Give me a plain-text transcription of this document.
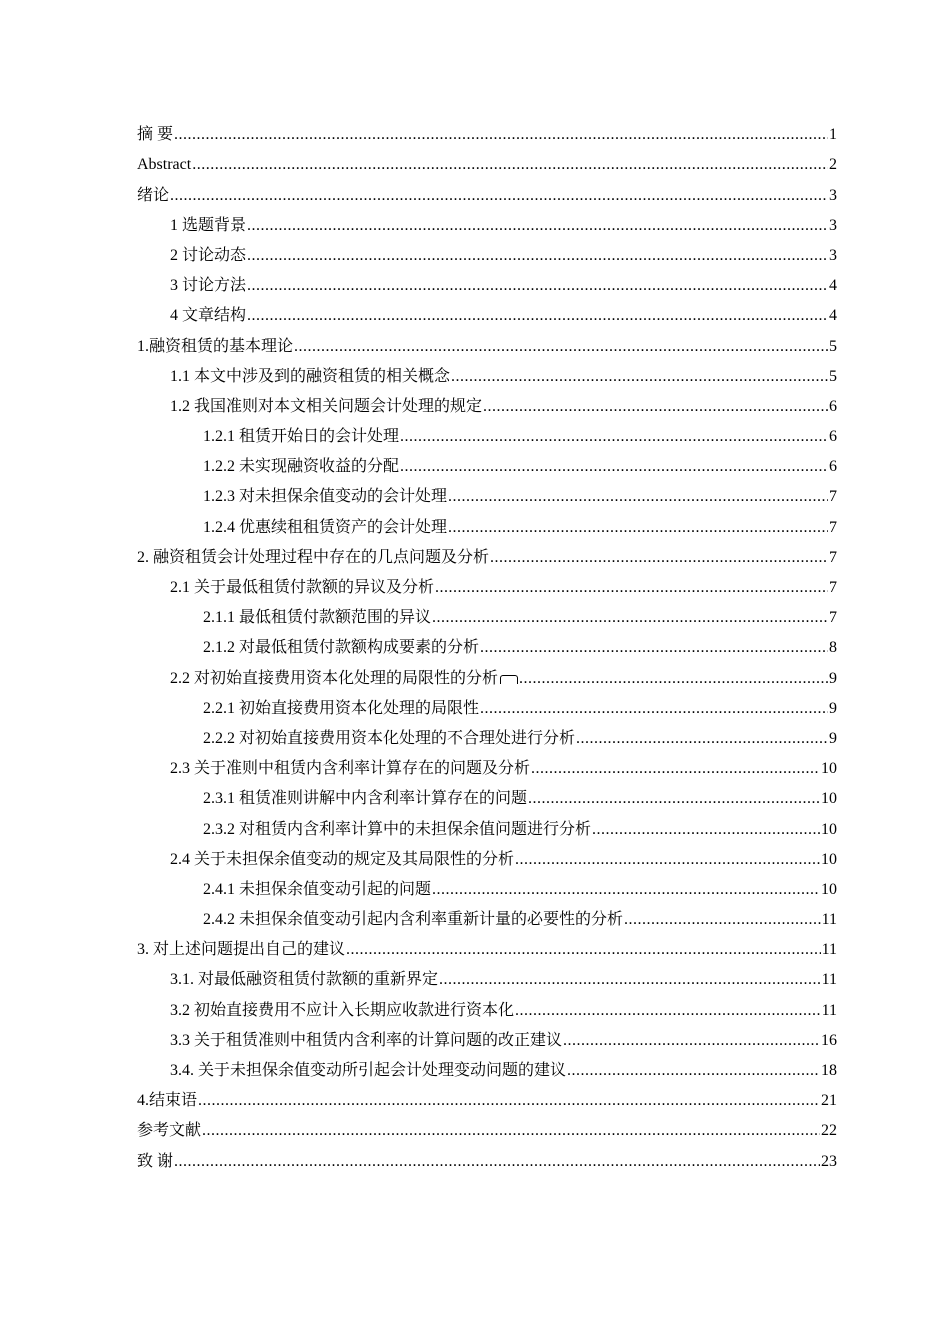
摘 要 .....	1
Abstract .....	2
绪论 .....	3
1 选题背景 .....	3
2 讨论动态 .....	3
3 讨论方法 .....	4
4 文章结构 .....	4
1.融资租赁的基本理论 .....	5
1.1 本文中涉及到的融资租赁的相关概念 .....	5
1.2 我国准则对本文相关问题会计处理的规定 .....	6
1.2.1 租赁开始日的会计处理 .....	6
1.2.2 未实现融资收益的分配 .....	6
1.2.3 对未担保余值变动的会计处理 .....	7
1.2.4 优惠续租租赁资产的会计处理 .....	7
2. 融资租赁会计处理过程中存在的几点问题及分析 .....	7
2.1 关于最低租赁付款额的异议及分析 .....	7
2.1.1 最低租赁付款额范围的异议 .....	7
2.1.2 对最低租赁付款额构成要素的分析 .....	8
2.2 对初始直接费用资本化处理的局限性的分析 .....	9
2.2.1 初始直接费用资本化处理的局限性 .....	9
2.2.2 对初始直接费用资本化处理的不合理处进行分析 .....	9
2.3 关于准则中租赁内含利率计算存在的问题及分析 .....	10
2.3.1 租赁准则讲解中内含利率计算存在的问题 .....	10
2.3.2 对租赁内含利率计算中的未担保余值问题进行分析 .....	10
2.4 关于未担保余值变动的规定及其局限性的分析 .....	10
2.4.1 未担保余值变动引起的问题 .....	10
2.4.2 未担保余值变动引起内含利率重新计量的必要性的分析 .....	11
3. 对上述问题提出自己的建议 .....	11
3.1. 对最低融资租赁付款额的重新界定 .....	11
3.2 初始直接费用不应计入长期应收款进行资本化 .....	11
3.3 关于租赁准则中租赁内含利率的计算问题的改正建议 .....	16
3.4. 关于未担保余值变动所引起会计处理变动问题的建议 .....	18
4.结束语 .....	21
参考文献 .....	22
致 谢 .....	23
